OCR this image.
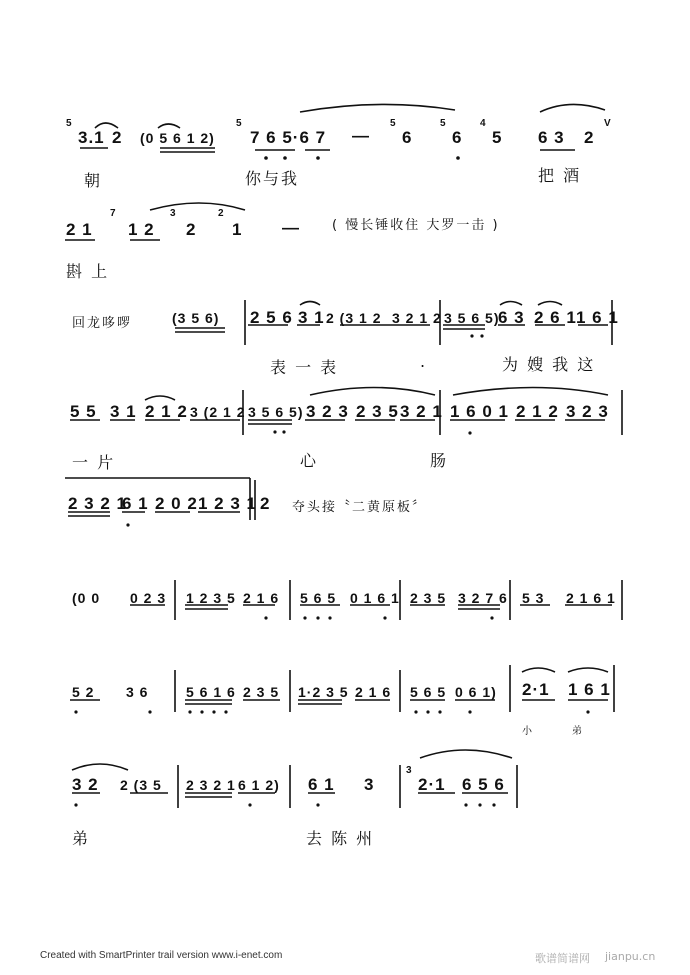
5
3.1 2 (0 5 6 1 2)
5
7 6 5·6 7 —
5
6
5
6
4
5 6 3 2
V
朝	你与我	把 酒
2 1
7
1 2
3
2
2
1 — ( 慢长锤收住 大罗一击 )
斟 上
回龙哆啰	(3 5 6) 2 5 6 3 1 2 (3 1 2 3 2 1 2 3 5 6 5)
6 3 2 6 1 1 6 1
表 一 表	.	为 嫂 我 这
5 5 3 1 2 1 2 3 (2 1 2 3 5 6 5) 3 2 3 2 3 5 3 2 1 1 6 0 1 2 1 2 3 2 3
一 片	心	肠
2 3 2 1
6 1 2 0 2 1 2 3 1 2 夺头接〝二黄原板〞
(0 0 0 2 3 1 2 3 5 2 1 6 5 6 5 0 1 6 1 2 3 5 3 2 7 6 5 3 2 1 6 1
5 2 3 6	5 6 1 6 2 3 5 1·2 3 5 2 1 6 5 6 5 0 6 1) 2·1 1 6 1
小	弟
3 2 2 (3 5 2 3 2 1 6 1 2) 6 1 3
3
2·1 6 5 6
弟	去 陈 州
Created with SmartPrinter trail version www.i-enet.com	歌谱简谱网 jianpu.cn
